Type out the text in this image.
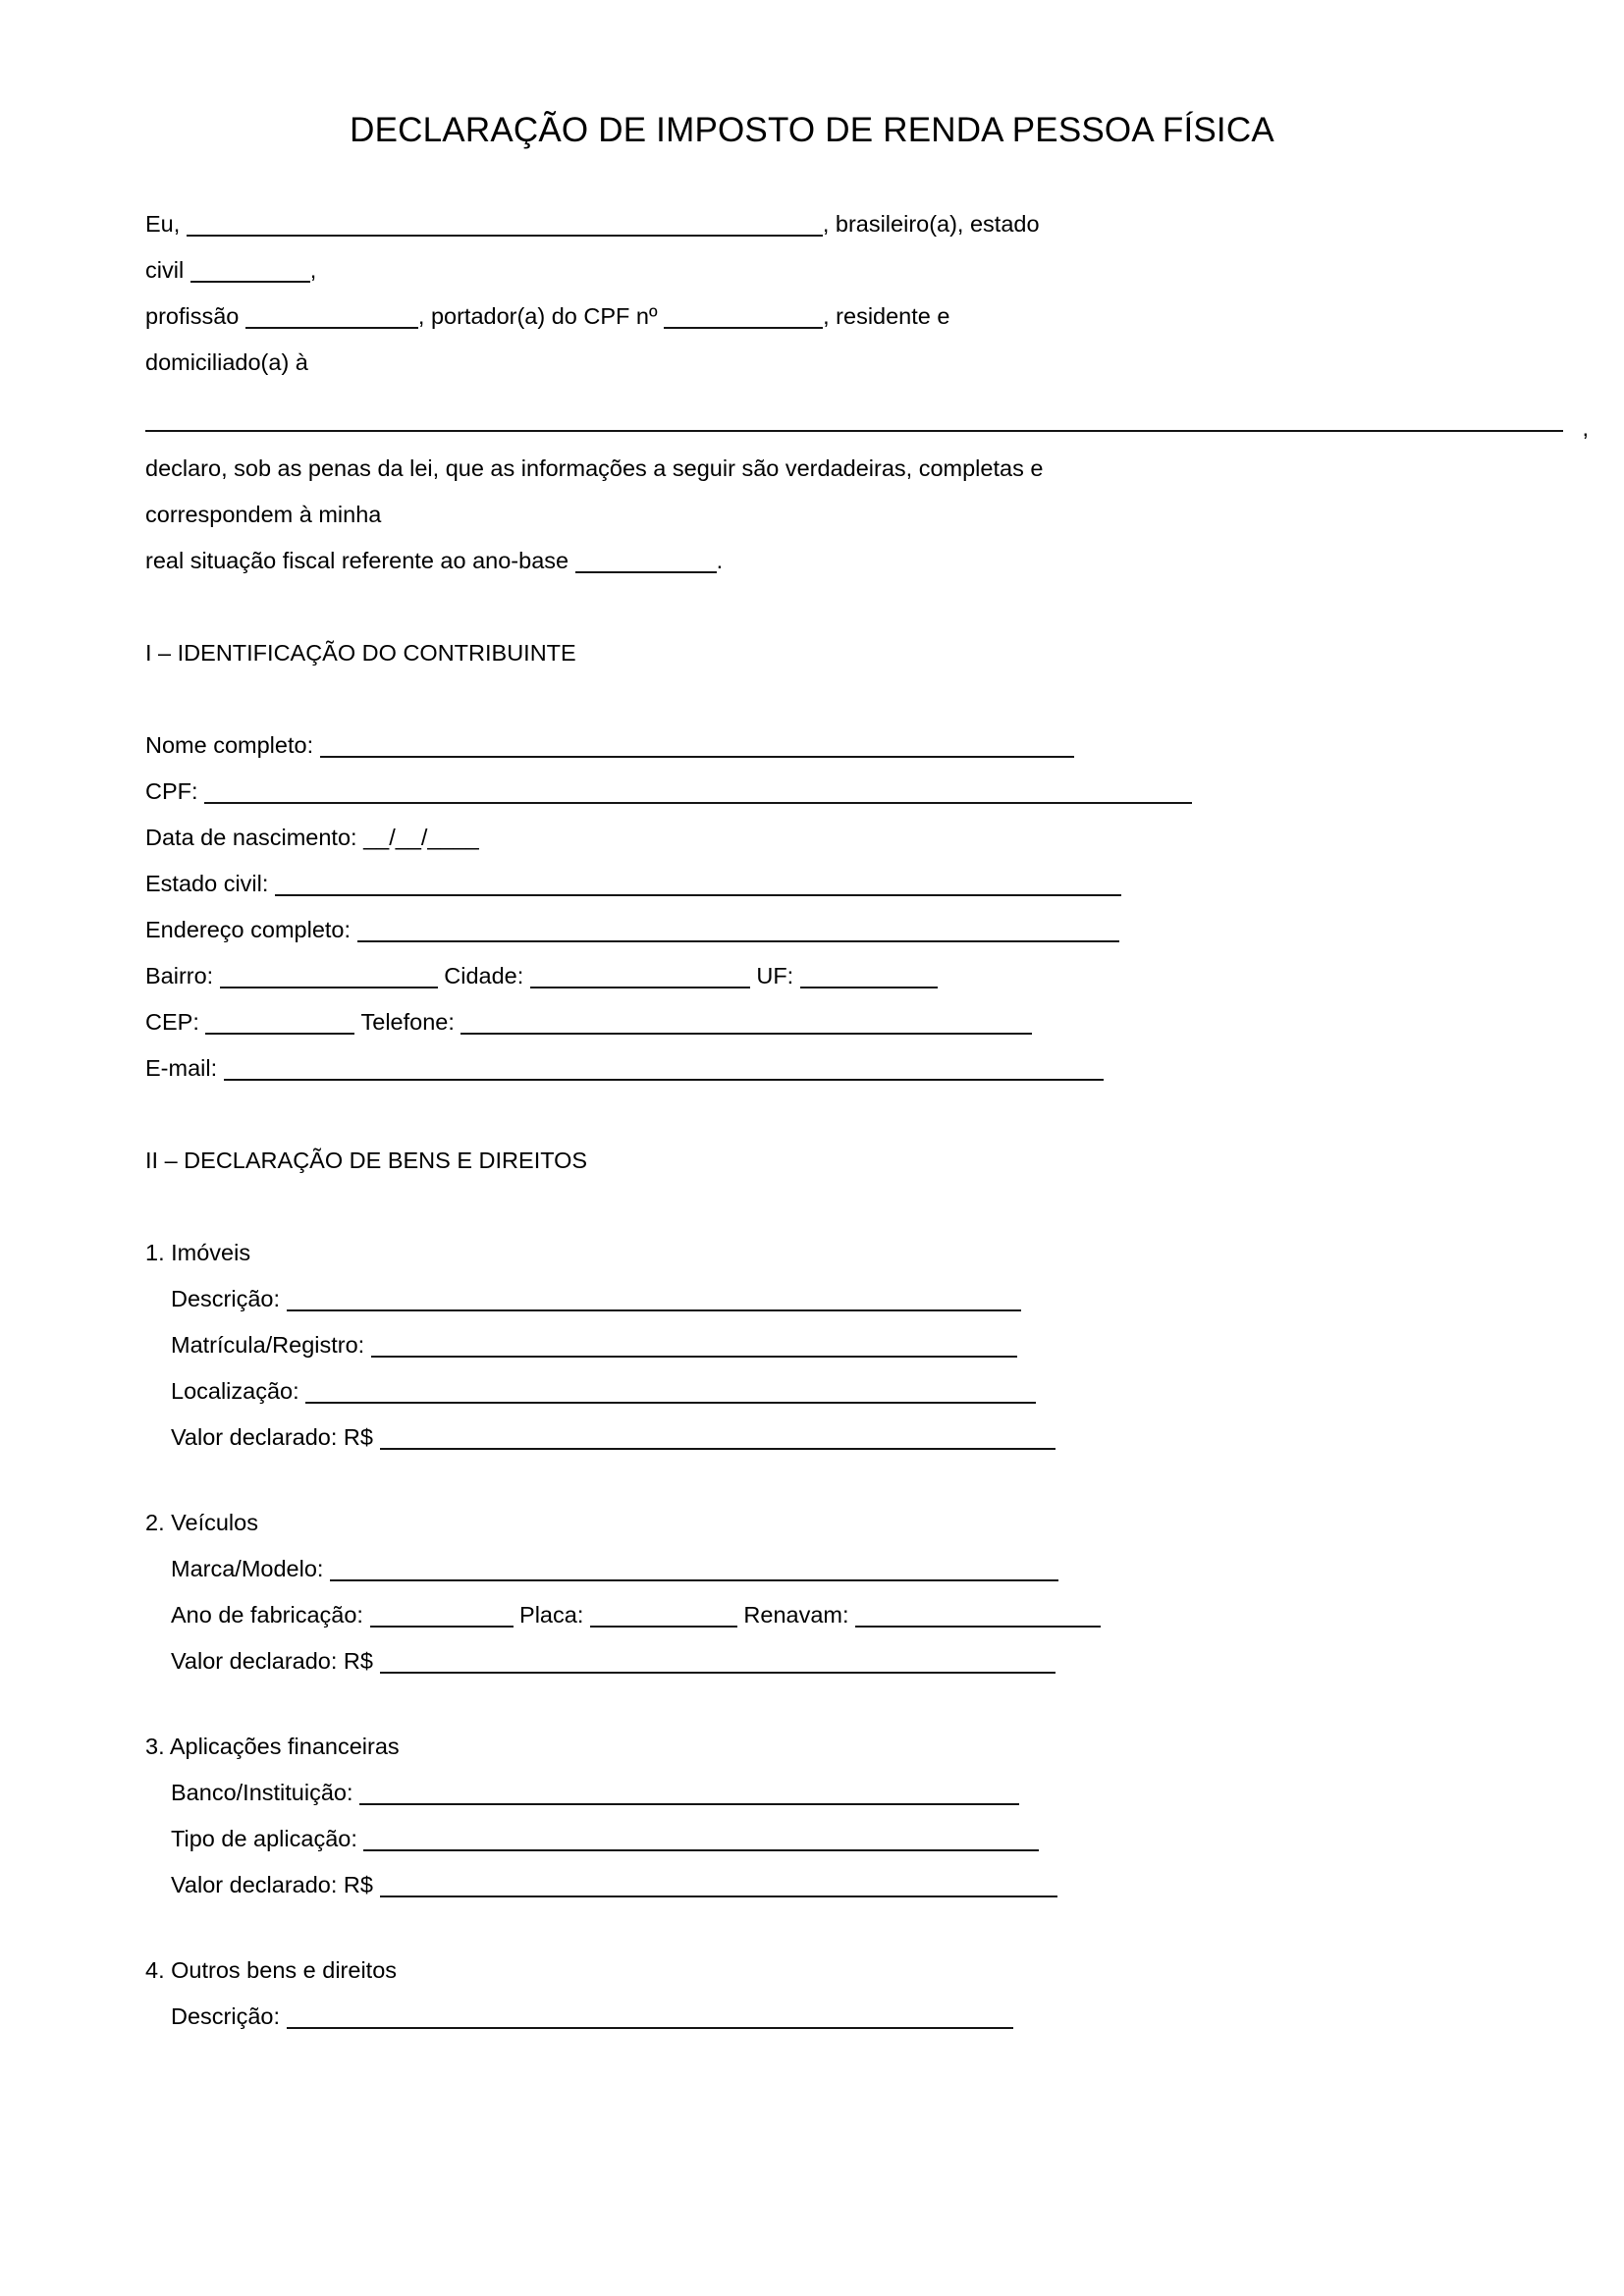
DECLARAÇÃO DE IMPOSTO DE RENDA PESSOA FÍSICA
Eu,	, brasileiro(a), estado
civil	,
profissão	, portador(a) do CPF nº	, residente e
domiciliado(a) à
,
declaro, sob as penas da lei, que as informações a seguir são verdadeiras, completas e
correspondem à minha
real situação fiscal referente ao ano-base	.
I – IDENTIFICAÇÃO DO CONTRIBUINTE
Nome completo:
CPF:
Data de nascimento: __/__/____
Estado civil:
Endereço completo:
Bairro:	Cidade:	UF:
CEP:	Telefone:
E-mail:
II – DECLARAÇÃO DE BENS E DIREITOS
1. Imóveis
Descrição:
Matrícula/Registro:
Localização:
Valor declarado: R$
2. Veículos
Marca/Modelo:
Ano de fabricação:	Placa:	Renavam:
Valor declarado: R$
3. Aplicações financeiras
Banco/Instituição:
Tipo de aplicação:
Valor declarado: R$
4. Outros bens e direitos
Descrição:
